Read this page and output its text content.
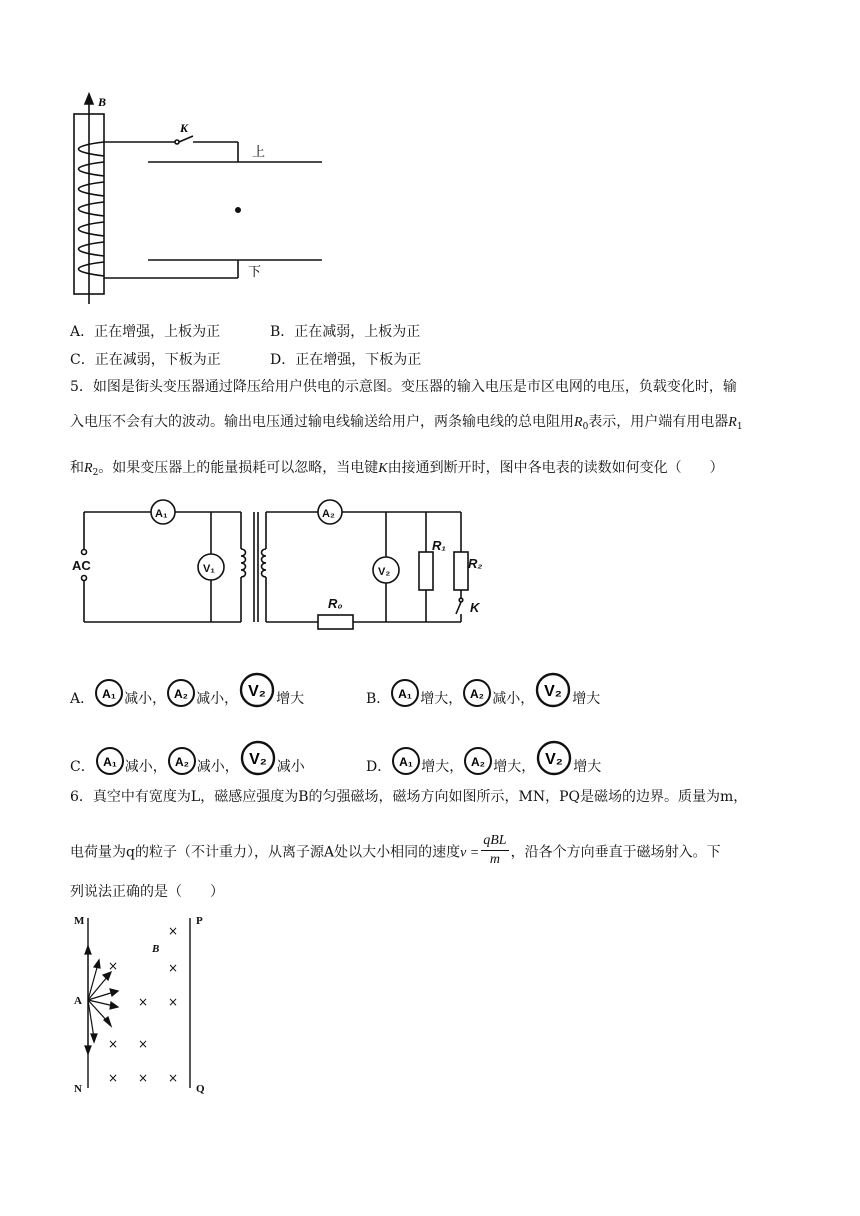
B
K
上
下
A．正在增强，上板为正	B．正在减弱，上板为正
C．正在减弱，下板为正	D．正在增强，下板为正
5．如图是街头变压器通过降压给用户供电的示意图。变压器的输入电压是市区电网的电压，负载变化时，输
入电压不会有大的波动。输出电压通过输电线输送给用户，两条输电线的总电阻用$R_0$表示，用户端有用电器$R_1$
和$R_2$。如果变压器上的能量损耗可以忽略，当电键K由接通到断开时，图中各电表的读数如何变化（　　）
AC
A₁	A₂
V₁	V₂
R₀
R₁
R₂
K
A． A₁ 减小， A₂ 减小， V₂ 增大	B． A₁ 增大， A₂ 减小， V₂ 增大
C． A₁ 减小， A₂ 减小， V₂ 减小	D． A₁ 增大， A₂ 增大， V₂ 增大
6．真空中有宽度为L，磁感应强度为B的匀强磁场，磁场方向如图所示，MN，PQ是磁场的边界。质量为m，
电荷量为q的粒子（不计重力），从离子源A处以大小相同的速度$v = \frac{\text{qBL}}{m}$ ，沿各个方向垂直于磁场射入。下
列说法正确的是（　　）
M
N
P
Q
B
A
×
×	×
× ×
× ×
× × ×
